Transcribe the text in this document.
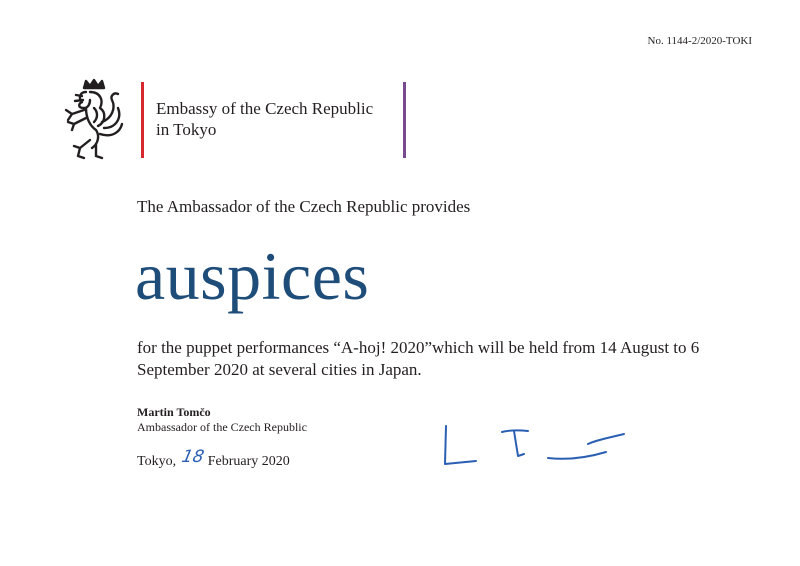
No. 1144-2/2020-TOKI
Embassy of the Czech Republic
in Tokyo
The Ambassador of the Czech Republic provides
auspices
for the puppet performances “A-hoj! 2020”which will be held from 14 August to 6 September 2020 at several cities in Japan.
Martin Tomčo
Ambassador of the Czech Republic
Tokyo, 18 February 2020
